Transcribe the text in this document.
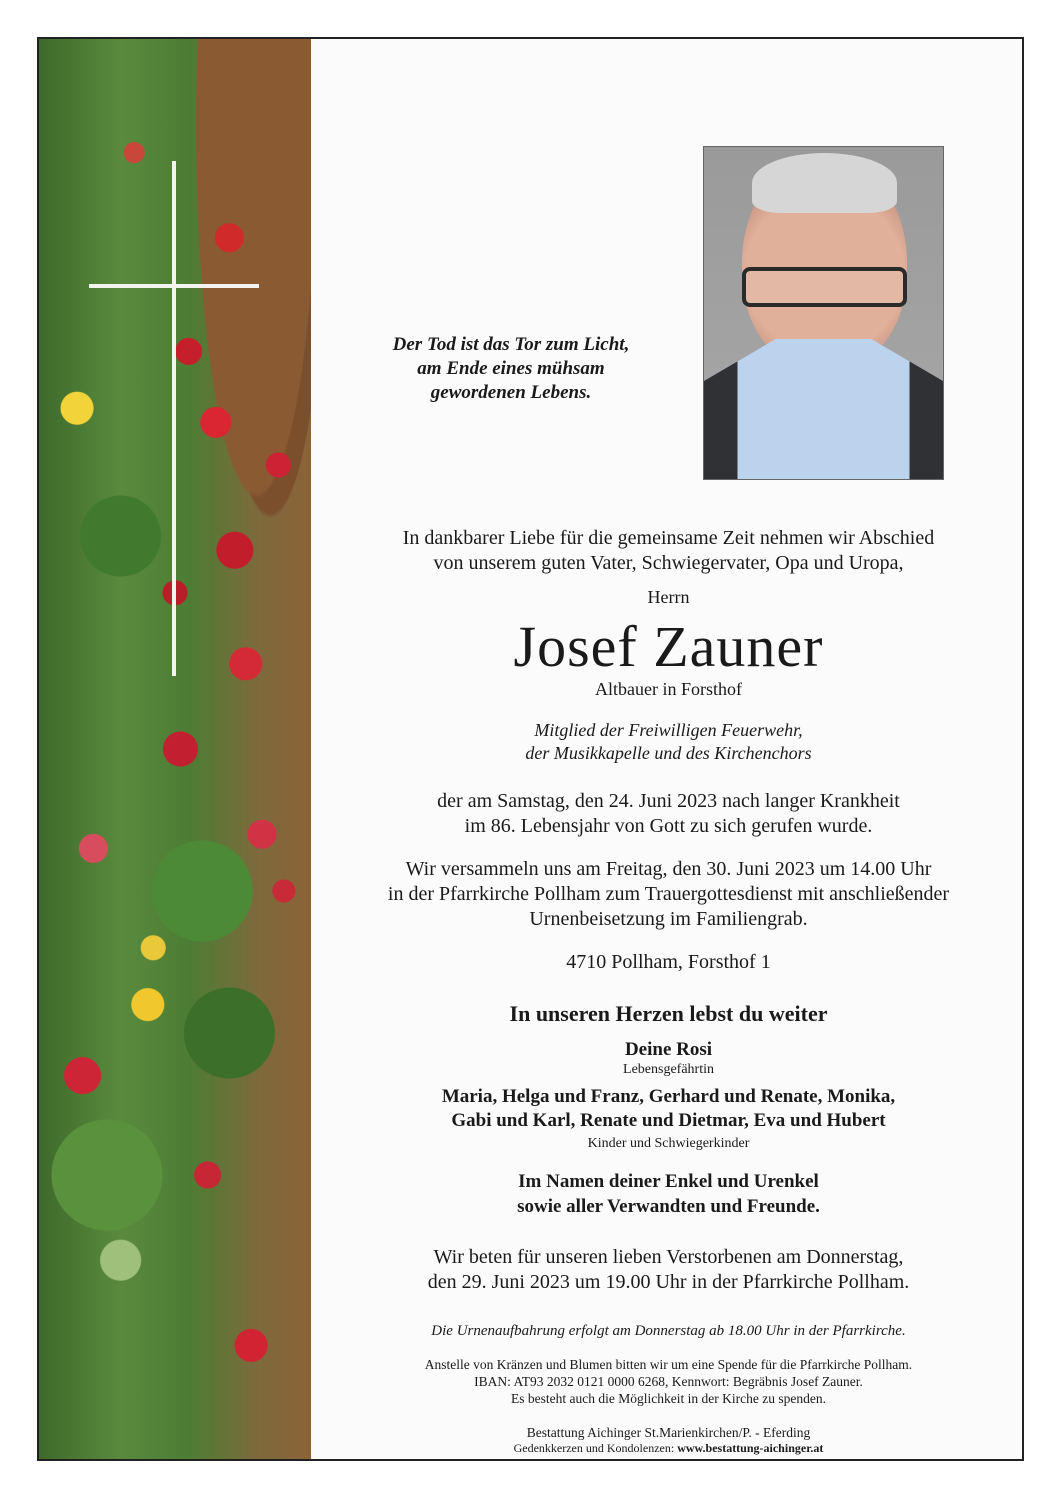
Der Tod ist das Tor zum Licht,
am Ende eines mühsam
gewordenen Lebens.
In dankbarer Liebe für die gemeinsame Zeit nehmen wir Abschied
von unserem guten Vater, Schwiegervater, Opa und Uropa,
Herrn
Josef Zauner
Altbauer in Forsthof
Mitglied der Freiwilligen Feuerwehr,
der Musikkapelle und des Kirchenchors
der am Samstag, den 24. Juni 2023 nach langer Krankheit
im 86. Lebensjahr von Gott zu sich gerufen wurde.
Wir versammeln uns am Freitag, den 30. Juni 2023 um 14.00 Uhr
in der Pfarrkirche Pollham zum Trauergottesdienst mit anschließender
Urnenbeisetzung im Familiengrab.
4710 Pollham, Forsthof 1
In unseren Herzen lebst du weiter
Deine Rosi
Lebensgefährtin
Maria, Helga und Franz, Gerhard und Renate, Monika,
Gabi und Karl, Renate und Dietmar, Eva und Hubert
Kinder und Schwiegerkinder
Im Namen deiner Enkel und Urenkel
sowie aller Verwandten und Freunde.
Wir beten für unseren lieben Verstorbenen am Donnerstag,
den 29. Juni 2023 um 19.00 Uhr in der Pfarrkirche Pollham.
Die Urnenaufbahrung erfolgt am Donnerstag ab 18.00 Uhr in der Pfarrkirche.
Anstelle von Kränzen und Blumen bitten wir um eine Spende für die Pfarrkirche Pollham.
IBAN: AT93 2032 0121 0000 6268, Kennwort: Begräbnis Josef Zauner.
Es besteht auch die Möglichkeit in der Kirche zu spenden.
Bestattung Aichinger St.Marienkirchen/P. - Eferding
Gedenkkerzen und Kondolenzen: www.bestattung-aichinger.at
